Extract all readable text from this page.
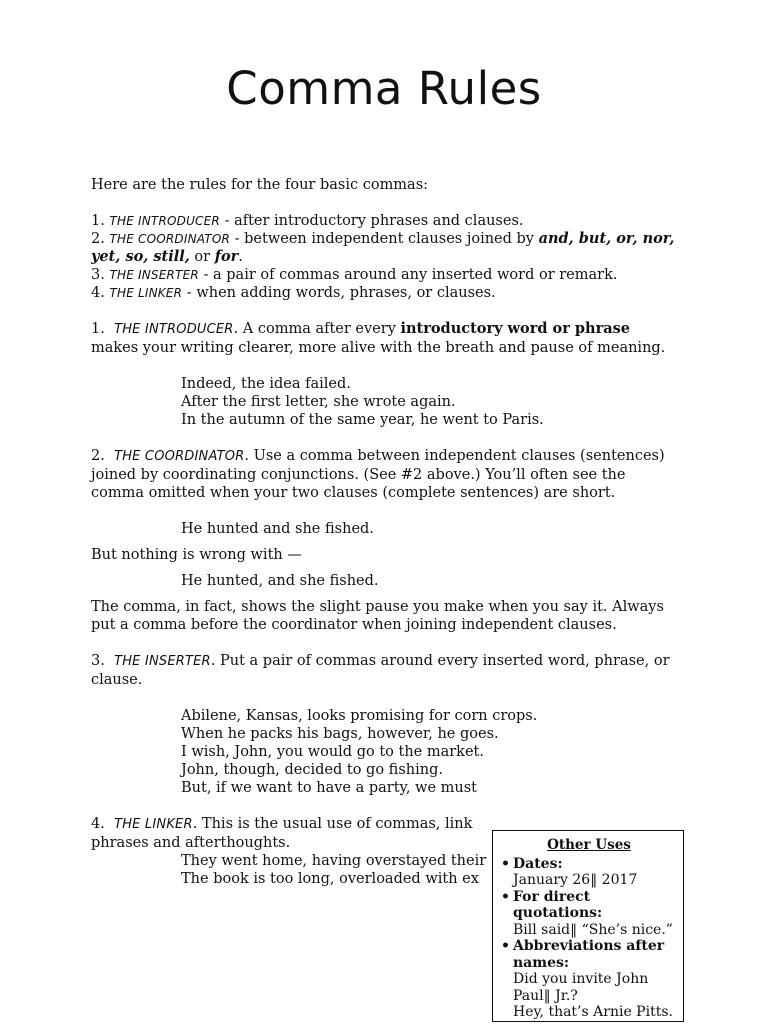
Comma Rules

Here are the rules for the four basic commas:

1. THE INTRODUCER - after introductory phrases and clauses.

2. THE COORDINATOR - between independent clauses joined by and, but, or, nor, yet, so, still, or for.

3. THE INSERTER - a pair of commas around any inserted word or remark.

4. THE LINKER - when adding words, phrases, or clauses.

1. THE INTRODUCER. A comma after every introductory word or phrase makes your writing clearer, more alive with the breath and pause of meaning.

Indeed, the idea failed.

After the first letter, she wrote again.

In the autumn of the same year, he went to Paris.

2. THE COORDINATOR. Use a comma between independent clauses (sentences) joined by coordinating conjunctions. (See #2 above.) You’ll often see the comma omitted when your two clauses (complete sentences) are short.

He hunted and she fished.

But nothing is wrong with —

He hunted, and she fished.

The comma, in fact, shows the slight pause you make when you say it. Always put a comma before the coordinator when joining independent clauses.

3. THE INSERTER. Put a pair of commas around every inserted word, phrase, or clause.

Abilene, Kansas, looks promising for corn crops.

When he packs his bags, however, he goes.

I wish, John, you would go to the market.

John, though, decided to go fishing.

But, if we want to have a party, we must

4. THE LINKER. This is the usual use of commas, link

phrases and afterthoughts.

They went home, having overstayed their

The book is too long, overloaded with ex

Other Uses

• Dates:
January 26‖ 2017
• For direct quotations:
Bill said‖ “She’s nice.”
• Abbreviations after names:
Did you invite John Paul‖ Jr.?
Hey, that’s Arnie Pitts.
